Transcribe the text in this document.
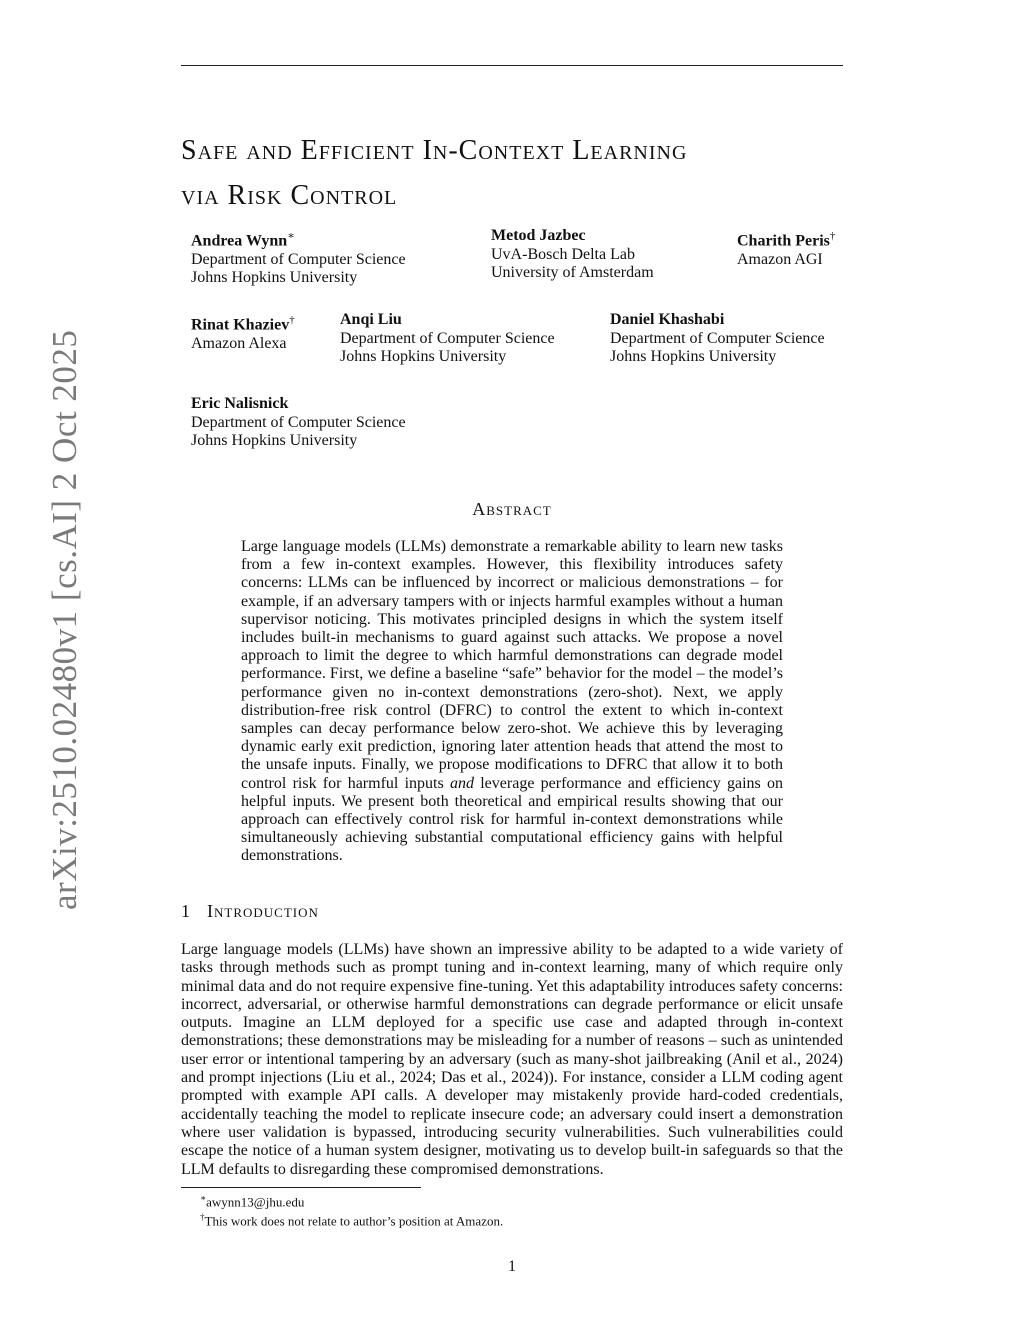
arXiv:2510.02480v1 [cs.AI] 2 Oct 2025
Safe and Efficient In-Context Learning
via Risk Control
Andrea Wynn∗
Department of Computer Science
Johns Hopkins University
Metod Jazbec
UvA-Bosch Delta Lab
University of Amsterdam
Charith Peris†
Amazon AGI
Rinat Khaziev†
Amazon Alexa
Anqi Liu
Department of Computer Science
Johns Hopkins University
Daniel Khashabi
Department of Computer Science
Johns Hopkins University
Eric Nalisnick
Department of Computer Science
Johns Hopkins University
Abstract

Large language models (LLMs) demonstrate a remarkable ability to learn new tasks from a few in-context examples. However, this flexibility introduces safety concerns: LLMs can be influenced by incorrect or malicious demonstrations – for example, if an adversary tampers with or injects harmful examples without a human supervisor noticing. This motivates principled designs in which the system itself includes built-in mechanisms to guard against such attacks. We propose a novel approach to limit the degree to which harmful demonstrations can degrade model performance. First, we define a baseline “safe” behavior for the model – the model’s performance given no in-context demonstrations (zero-shot). Next, we apply distribution-free risk control (DFRC) to control the extent to which in-context samples can decay performance below zero-shot. We achieve this by leveraging dynamic early exit prediction, ignoring later attention heads that attend the most to the unsafe inputs. Finally, we propose modifications to DFRC that allow it to both control risk for harmful inputs and leverage performance and efficiency gains on helpful inputs. We present both theoretical and empirical results showing that our approach can effectively control risk for harmful in-context demonstrations while simultaneously achieving substantial computational efficiency gains with helpful demonstrations.

1 Introduction

Large language models (LLMs) have shown an impressive ability to be adapted to a wide variety of tasks through methods such as prompt tuning and in-context learning, many of which require only minimal data and do not require expensive fine-tuning. Yet this adaptability introduces safety concerns: incorrect, adversarial, or otherwise harmful demonstrations can degrade performance or elicit unsafe outputs. Imagine an LLM deployed for a specific use case and adapted through in-context demonstrations; these demonstrations may be misleading for a number of reasons – such as unintended user error or intentional tampering by an adversary (such as many-shot jailbreaking (Anil et al., 2024) and prompt injections (Liu et al., 2024; Das et al., 2024)). For instance, consider a LLM coding agent prompted with example API calls. A developer may mistakenly provide hard-coded credentials, accidentally teaching the model to replicate insecure code; an adversary could insert a demonstration where user validation is bypassed, introducing security vulnerabilities. Such vulnerabilities could escape the notice of a human system designer, motivating us to develop built-in safeguards so that the LLM defaults to disregarding these compromised demonstrations.

∗awynn13@jhu.edu
†This work does not relate to author’s position at Amazon.
1
